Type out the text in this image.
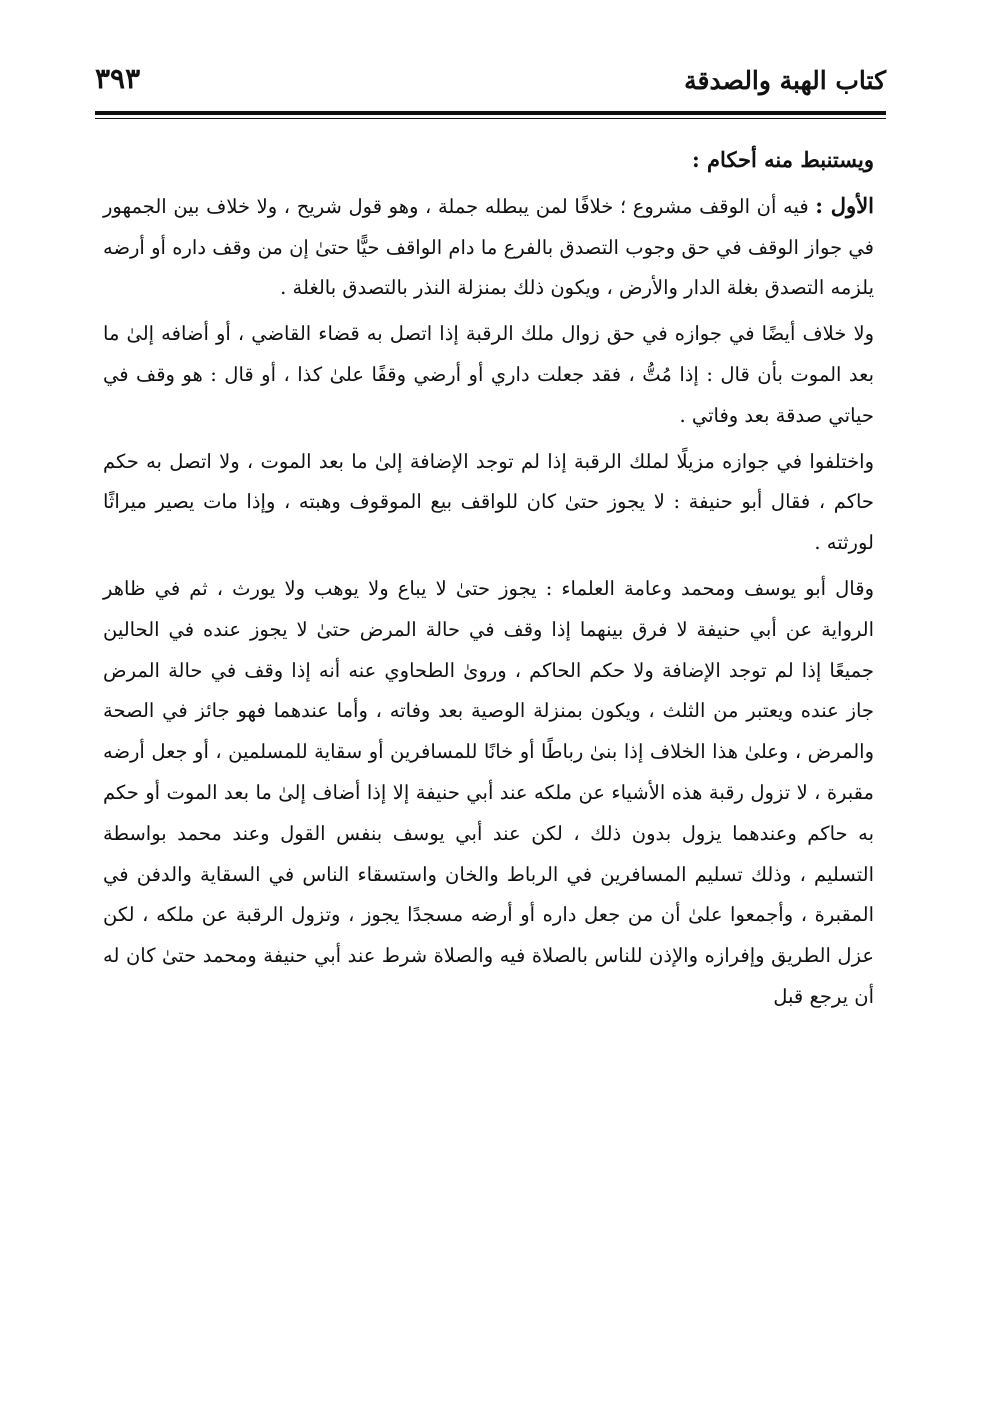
كتاب الهبة والصدقة
٣٩٣

ويستنبط منه أحكام :

الأول : فيه أن الوقف مشروع ؛ خلافًا لمن يبطله جملة ، وهو قول شريح ، ولا خلاف بين الجمهور في جواز الوقف في حق وجوب التصدق بالفرع ما دام الواقف حيًّا حتىٰ إن من وقف داره أو أرضه يلزمه التصدق بغلة الدار والأرض ، ويكون ذلك بمنزلة النذر بالتصدق بالغلة .

ولا خلاف أيضًا في جوازه في حق زوال ملك الرقبة إذا اتصل به قضاء القاضي ، أو أضافه إلىٰ ما بعد الموت بأن قال : إذا مُتُّ ، فقد جعلت داري أو أرضي وقفًا علىٰ كذا ، أو قال : هو وقف في حياتي صدقة بعد وفاتي .

واختلفوا في جوازه مزيلًا لملك الرقبة إذا لم توجد الإضافة إلىٰ ما بعد الموت ، ولا اتصل به حكم حاكم ، فقال أبو حنيفة : لا يجوز حتىٰ كان للواقف بيع الموقوف وهبته ، وإذا مات يصير ميراثًا لورثته .

وقال أبو يوسف ومحمد وعامة العلماء : يجوز حتىٰ لا يباع ولا يوهب ولا يورث ، ثم في ظاهر الرواية عن أبي حنيفة لا فرق بينهما إذا وقف في حالة المرض حتىٰ لا يجوز عنده في الحالين جميعًا إذا لم توجد الإضافة ولا حكم الحاكم ، وروىٰ الطحاوي عنه أنه إذا وقف في حالة المرض جاز عنده ويعتبر من الثلث ، ويكون بمنزلة الوصية بعد وفاته ، وأما عندهما فهو جائز في الصحة والمرض ، وعلىٰ هذا الخلاف إذا بنىٰ رباطًا أو خانًا للمسافرين أو سقاية للمسلمين ، أو جعل أرضه مقبرة ، لا تزول رقبة هذه الأشياء عن ملكه عند أبي حنيفة إلا إذا أضاف إلىٰ ما بعد الموت أو حكم به حاكم وعندهما يزول بدون ذلك ، لكن عند أبي يوسف بنفس القول وعند محمد بواسطة التسليم ، وذلك تسليم المسافرين في الرباط والخان واستسقاء الناس في السقاية والدفن في المقبرة ، وأجمعوا علىٰ أن من جعل داره أو أرضه مسجدًا يجوز ، وتزول الرقبة عن ملكه ، لكن عزل الطريق وإفرازه والإذن للناس بالصلاة فيه والصلاة شرط عند أبي حنيفة ومحمد حتىٰ كان له أن يرجع قبل
